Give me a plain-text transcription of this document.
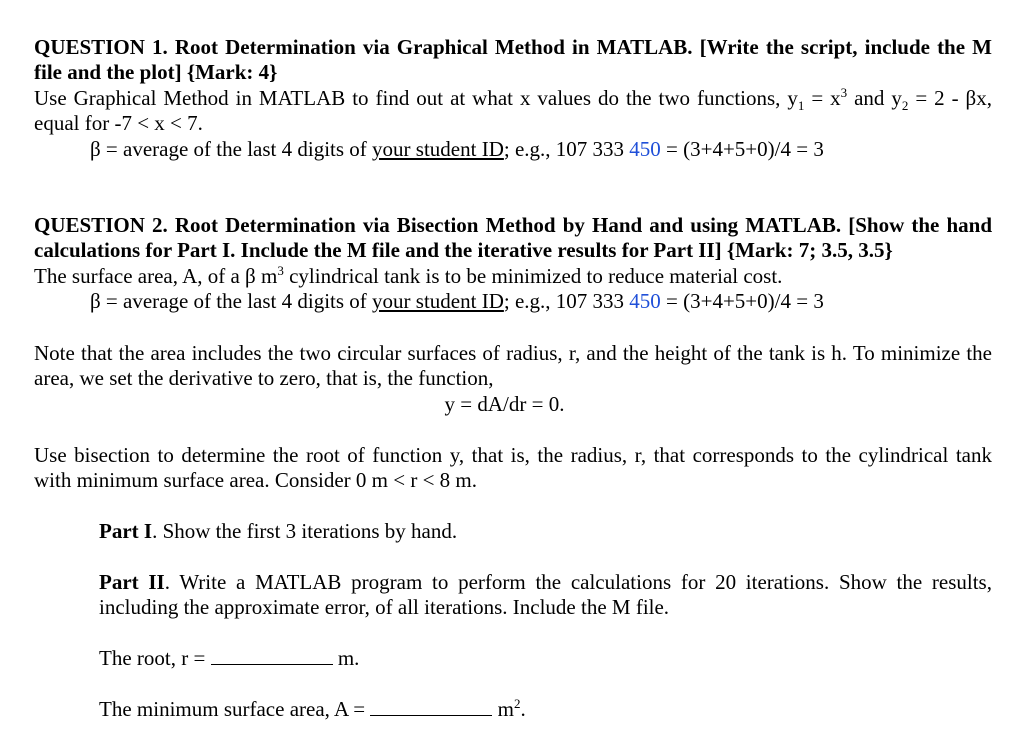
QUESTION 1. Root Determination via Graphical Method in MATLAB. [Write the script, include the M
file and the plot] {Mark: 4}
Use Graphical Method in MATLAB to find out at what x values do the two functions, $y_1 = x^3$ and $y_2 = 2 - \beta x$,
equal for -7 < x < 7.
β = average of the last 4 digits of your student ID; e.g., 107 333 450 = (3+4+5+0)/4 = 3
QUESTION 2. Root Determination via Bisection Method by Hand and using MATLAB. [Show the hand
calculations for Part I. Include the M file and the iterative results for Part II] {Mark: 7; 3.5, 3.5}
The surface area, A, of a β $m^3$ cylindrical tank is to be minimized to reduce material cost.
β = average of the last 4 digits of your student ID; e.g., 107 333 450 = (3+4+5+0)/4 = 3
Note that the area includes the two circular surfaces of radius, r, and the height of the tank is h. To minimize the
area, we set the derivative to zero, that is, the function,
y = dA/dr = 0.
Use bisection to determine the root of function y, that is, the radius, r, that corresponds to the cylindrical tank
with minimum surface area. Consider 0 m < r < 8 m.
Part I. Show the first 3 iterations by hand.
Part II. Write a MATLAB program to perform the calculations for 20 iterations. Show the results,
including the approximate error, of all iterations. Include the M file.
The root, r =	m.
The minimum surface area, A =	$m^2$.
